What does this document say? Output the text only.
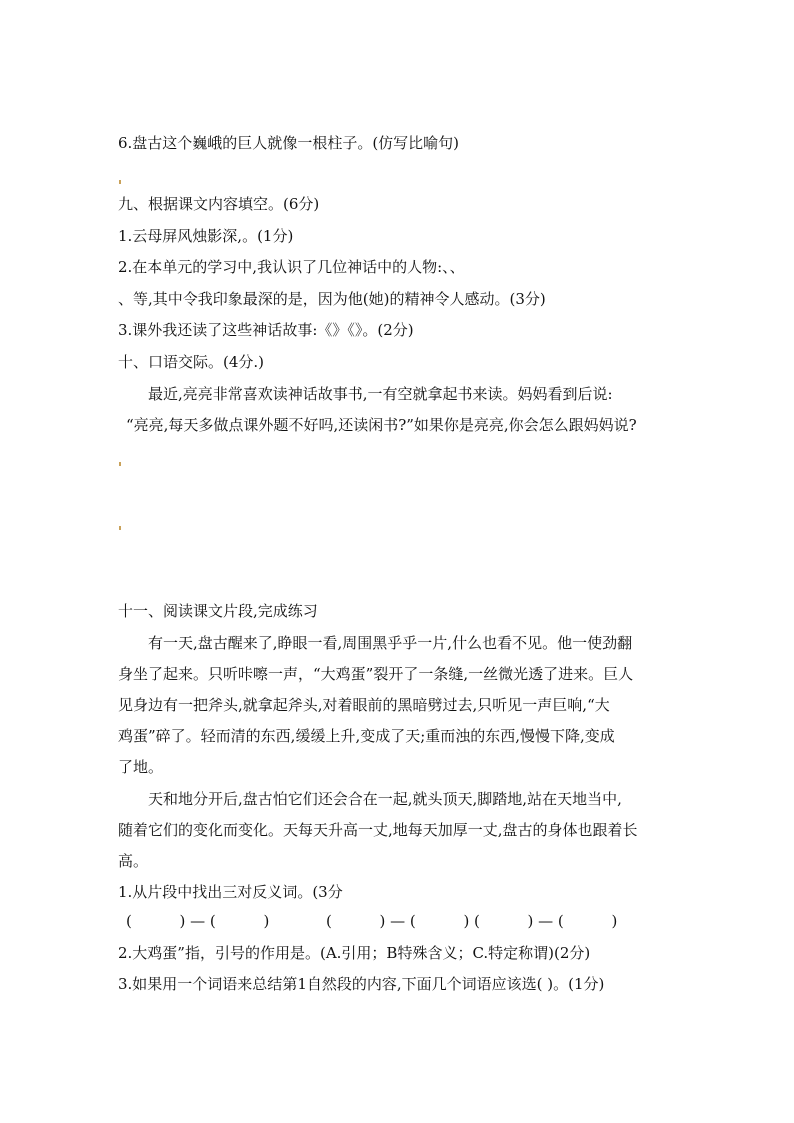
6.盘古这个巍峨的巨人就像一根柱子。(仿写比喻句)
九、根据课文内容填空。(6分)
1.云母屏风烛影深,。(1分)
2.在本单元的学习中,我认识了几位神话中的人物:、、
、等,其中令我印象最深的是，因为他(她)的精神令人感动。(3分)
3.课外我还读了这些神话故事:《》《》。(2分)
十、口语交际。(4分.)
最近,亮亮非常喜欢读神话故事书,一有空就拿起书来读。妈妈看到后说:
“亮亮,每天多做点课外题不好吗,还读闲书?”如果你是亮亮,你会怎么跟妈妈说?
十一、阅读课文片段,完成练习
有一天,盘古醒来了,睁眼一看,周围黑乎乎一片,什么也看不见。他一使劲翻
身坐了起来。只听咔嚓一声，“大鸡蛋”裂开了一条缝,一丝微光透了进来。巨人
见身边有一把斧头,就拿起斧头,对着眼前的黑暗劈过去,只听见一声巨响,“大
鸡蛋”碎了。轻而清的东西,缓缓上升,变成了天;重而浊的东西,慢慢下降,变成
了地。
天和地分开后,盘古怕它们还会合在一起,就头顶天,脚踏地,站在天地当中,
随着它们的变化而变化。天每天升高一丈,地每天加厚一丈,盘古的身体也跟着长
高。
1.从片段中找出三对反义词。(3分
(          ) — (          )	(          ) — (          ) (          ) — (          )
2.大鸡蛋”指，引号的作用是。(A.引用；B特殊含义；C.特定称谓)(2分)
3.如果用一个词语来总结第1自然段的内容,下面几个词语应该选( )。(1分)
